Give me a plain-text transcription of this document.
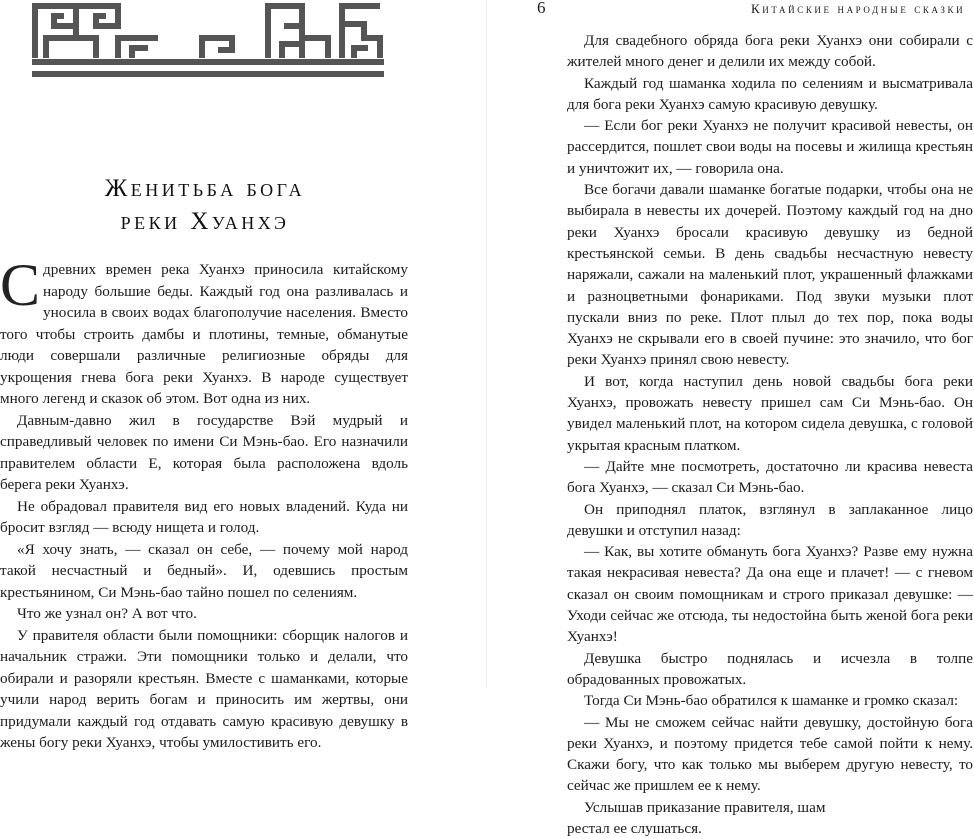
Женитьба бога
реки Хуанхэ

Сдревних времен река Хуанхэ приносила китайскому народу большие беды. Каждый год она разливалась и уносила в своих водах благополучие населения. Вместо того чтобы строить дамбы и плотины, темные, обманутые люди совершали различные религиозные обряды для укрощения гнева бога реки Хуанхэ. В народе существует много легенд и сказок об этом. Вот одна из них.

Давным-давно жил в государстве Вэй мудрый и справедливый человек по имени Си Мэнь-бао. Его назначили правителем области Е, которая была расположена вдоль берега реки Хуанхэ.

Не обрадовал правителя вид его новых владений. Куда ни бросит взгляд — всюду нищета и голод.

«Я хочу знать, — сказал он себе, — почему мой народ такой несчастный и бедный». И, одевшись простым крестьянином, Си Мэнь-бао тайно пошел по селениям.

Что же узнал он? А вот что.

У правителя области были помощники: сборщик налогов и начальник стражи. Эти помощники только и делали, что обирали и разоряли крестьян. Вместе с шаманками, которые учили народ верить богам и приносить им жертвы, они придумали каждый год отдавать самую красивую девушку в жены богу реки Хуанхэ, чтобы умилостивить его.

6	Китайские народные сказки

Для свадебного обряда бога реки Хуанхэ они собирали с жителей много денег и делили их между собой.

Каждый год шаманка ходила по селениям и высматривала для бога реки Хуанхэ самую красивую девушку.

— Если бог реки Хуанхэ не получит красивой невесты, он рассердится, пошлет свои воды на посевы и жилища крестьян и уничтожит их, — говорила она.

Все богачи давали шаманке богатые подарки, чтобы она не выбирала в невесты их дочерей. Поэтому каждый год на дно реки Хуанхэ бросали красивую девушку из бедной крестьянской семьи. В день свадьбы несчастную невесту наряжали, сажали на маленький плот, украшенный флажками и разноцветными фонариками. Под звуки музыки плот пускали вниз по реке. Плот плыл до тех пор, пока воды Хуанхэ не скрывали его в своей пучине: это значило, что бог реки Хуанхэ принял свою невесту.

И вот, когда наступил день новой свадьбы бога реки Хуанхэ, провожать невесту пришел сам Си Мэнь-бао. Он увидел маленький плот, на котором сидела девушка, с головой укрытая красным платком.

— Дайте мне посмотреть, достаточно ли красива невеста бога Хуанхэ, — сказал Си Мэнь-бао.

Он приподнял платок, взглянул в заплаканное лицо девушки и отступил назад:

— Как, вы хотите обмануть бога Хуанхэ? Разве ему нужна такая некрасивая невеста? Да она еще и плачет! — с гневом сказал он своим помощникам и строго приказал девушке: — Уходи сейчас же отсюда, ты недостойна быть женой бога реки Хуанхэ!

Девушка быстро поднялась и исчезла в толпе обрадованных провожатых.

Тогда Си Мэнь-бао обратился к шаманке и громко сказал:

— Мы не сможем сейчас найти девушку, достойную бога реки Хуанхэ, и поэтому придется тебе самой пойти к нему. Скажи богу, что как только мы выберем другую невесту, то сейчас же пришлем ее к нему.

Услышав приказание правителя, шам

рестал ее слушаться.
